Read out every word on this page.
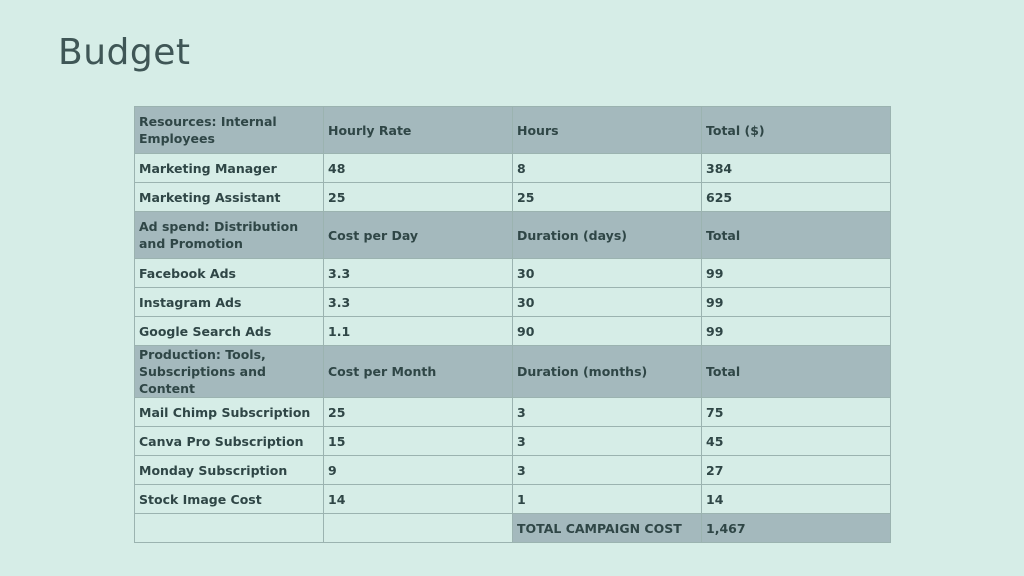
Budget
Resources: Internal Employees	Hourly Rate	Hours	Total ($)
Marketing Manager	48	8	384
Marketing Assistant	25	25	625
Ad spend: Distribution and Promotion	Cost per Day	Duration (days)	Total
Facebook Ads	3.3	30	99
Instagram Ads	3.3	30	99
Google Search Ads	1.1	90	99
Production: Tools, Subscriptions and Content	Cost per Month	Duration (months)	Total
Mail Chimp Subscription	25	3	75
Canva Pro Subscription	15	3	45
Monday Subscription	9	3	27
Stock Image Cost	14	1	14
		TOTAL CAMPAIGN COST	1,467
